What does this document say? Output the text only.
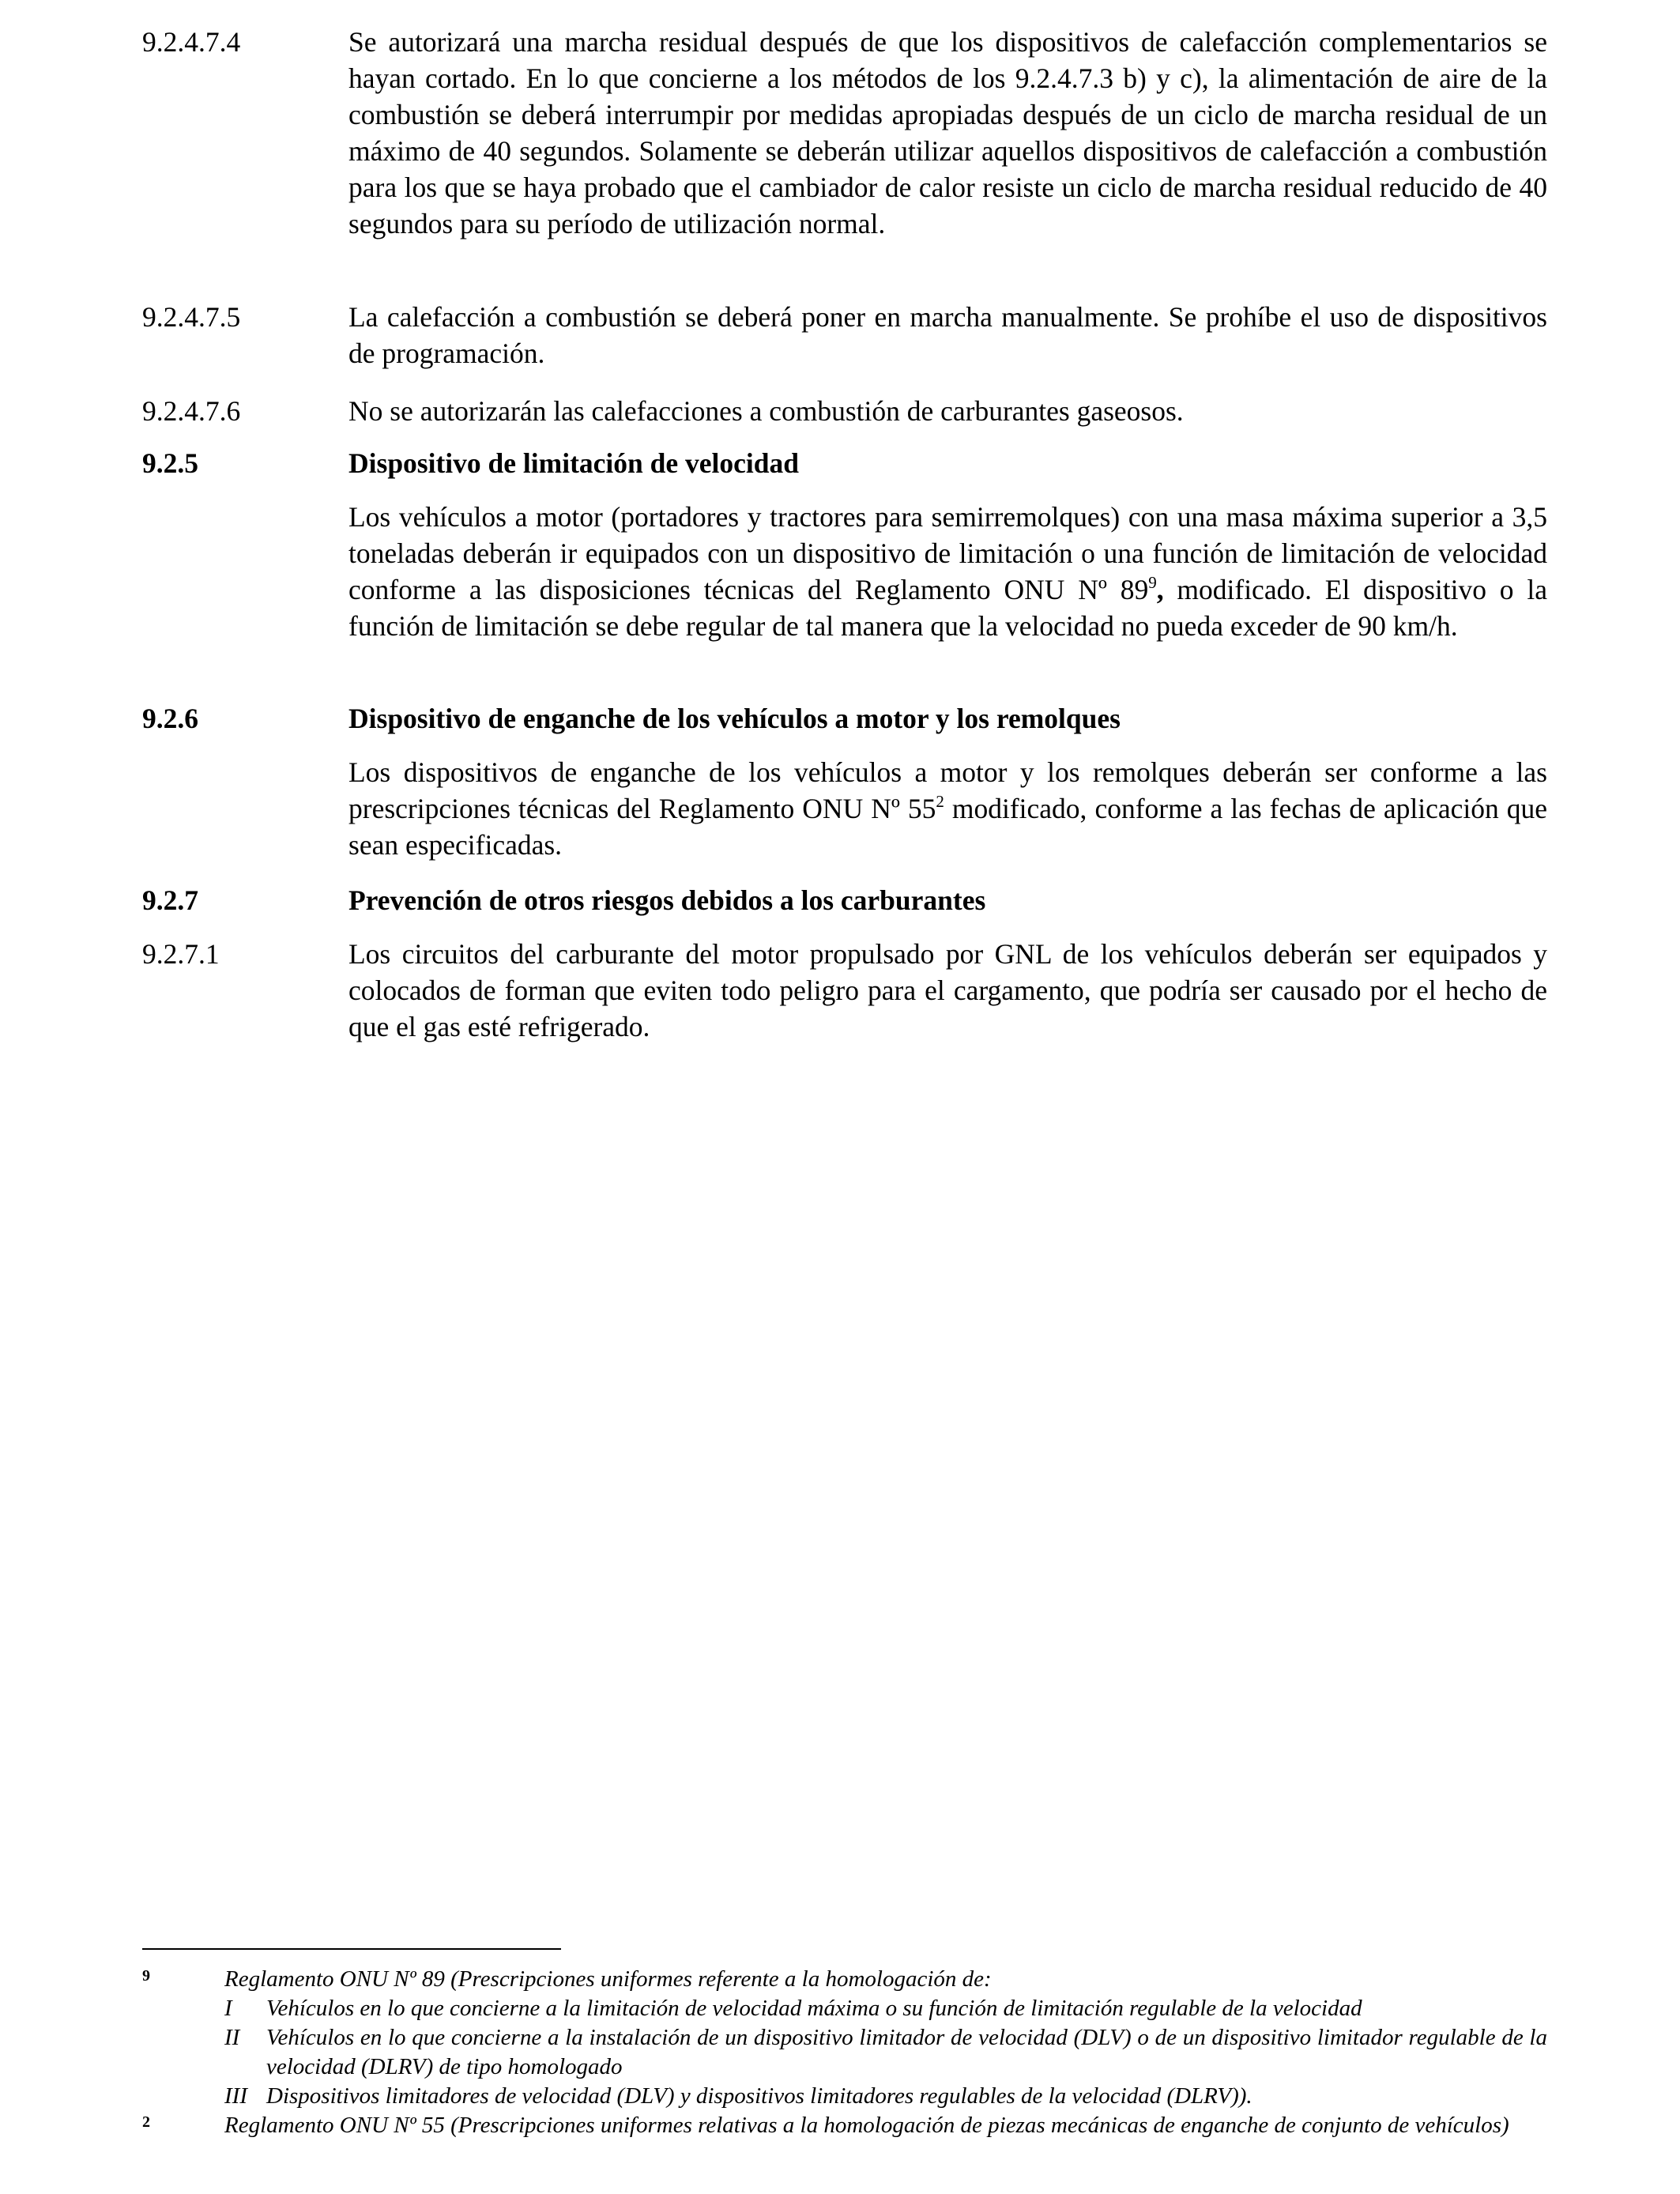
9.2.4.7.4	Se autorizará una marcha residual después de que los dispositivos de calefacción complementarios se hayan cortado. En lo que concierne a los métodos de los 9.2.4.7.3 b) y c), la alimentación de aire de la combustión se deberá interrumpir por medidas apropiadas después de un ciclo de marcha residual de un máximo de 40 segundos. Solamente se deberán utilizar aquellos dispositivos de calefacción a combustión para los que se haya probado que el cambiador de calor resiste un ciclo de marcha residual reducido de 40 segundos para su período de utilización normal.
9.2.4.7.5	La calefacción a combustión se deberá poner en marcha manualmente. Se prohíbe el uso de dispositivos de programación.
9.2.4.7.6	No se autorizarán las calefacciones a combustión de carburantes gaseosos.
9.2.5	Dispositivo de limitación de velocidad
Los vehículos a motor (portadores y tractores para semirremolques) con una masa máxima superior a 3,5 toneladas deberán ir equipados con un dispositivo de limitación o una función de limitación de velocidad conforme a las disposiciones técnicas del Reglamento ONU Nº $89^9$, modificado. El dispositivo o la función de limitación se debe regular de tal manera que la velocidad no pueda exceder de 90 km/h.
9.2.6	Dispositivo de enganche de los vehículos a motor y los remolques
Los dispositivos de enganche de los vehículos a motor y los remolques deberán ser conforme a las prescripciones técnicas del Reglamento ONU Nº $55^2$ modificado, conforme a las fechas de aplicación que sean especificadas.
9.2.7	Prevención de otros riesgos debidos a los carburantes
9.2.7.1	Los circuitos del carburante del motor propulsado por GNL de los vehículos deberán ser equipados y colocados de forman que eviten todo peligro para el cargamento, que podría ser causado por el hecho de que el gas esté refrigerado.
9	Reglamento ONU Nº 89 (Prescripciones uniformes referente a la homologación de:
I Vehículos en lo que concierne a la limitación de velocidad máxima o su función de limitación regulable de la velocidad
II Vehículos en lo que concierne a la instalación de un dispositivo limitador de velocidad (DLV) o de un dispositivo limitador regulable de la velocidad (DLRV) de tipo homologado
III Dispositivos limitadores de velocidad (DLV) y dispositivos limitadores regulables de la velocidad (DLRV)).
2	Reglamento ONU Nº 55 (Prescripciones uniformes relativas a la homologación de piezas mecánicas de enganche de conjunto de vehículos)
